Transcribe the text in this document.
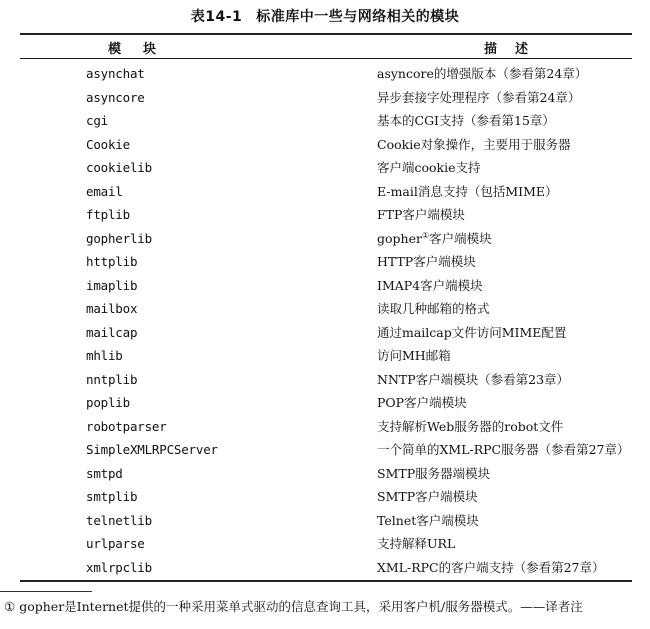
表14-1 标准库中一些与网络相关的模块
模块	描述
asynchat	asyncore的增强版本（参看第24章）
asyncore	异步套接字处理程序（参看第24章）
cgi	基本的CGI支持（参看第15章）
Cookie	Cookie对象操作，主要用于服务器
cookielib	客户端cookie支持
email	E-mail消息支持（包括MIME）
ftplib	FTP客户端模块
gopherlib	gopher①客户端模块
httplib	HTTP客户端模块
imaplib	IMAP4客户端模块
mailbox	读取几种邮箱的格式
mailcap	通过mailcap文件访问MIME配置
mhlib	访问MH邮箱
nntplib	NNTP客户端模块（参看第23章）
poplib	POP客户端模块
robotparser	支持解析Web服务器的robot文件
SimpleXMLRPCServer	一个简单的XML-RPC服务器（参看第27章）
smtpd	SMTP服务器端模块
smtplib	SMTP客户端模块
telnetlib	Telnet客户端模块
urlparse	支持解释URL
xmlrpclib	XML-RPC的客户端支持（参看第27章）
① gopher是Internet提供的一种采用菜单式驱动的信息查询工具，采用客户机/服务器模式。——译者注
